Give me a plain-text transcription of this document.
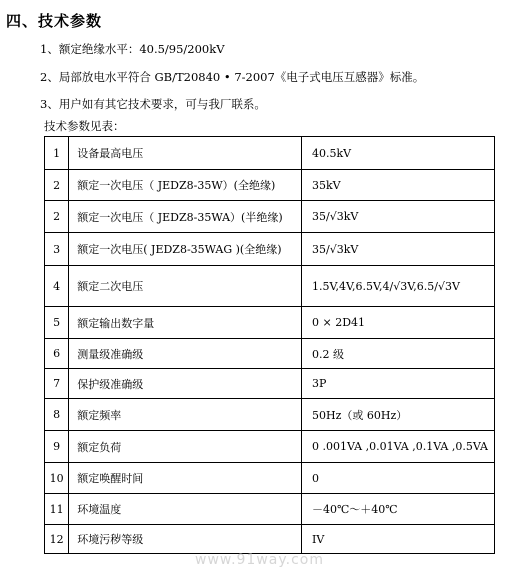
四、技术参数
1、额定绝缘水平：40.5/95/200kV
2、局部放电水平符合 GB/T20840 • 7-2007《电子式电压互感器》标准。
3、用户如有其它技术要求，可与我厂联系。
技术参数见表：
1	设备最高电压	40.5kV
2	额定一次电压（ JEDZ8-35W）(全绝缘)	35kV
2	额定一次电压（ JEDZ8-35WA）(半绝缘)	35/√3kV
3	额定一次电压( JEDZ8-35WAG )(全绝缘)	35/√3kV
4	额定二次电压	1.5V,4V,6.5V,4/√3V,6.5/√3V
5	额定输出数字量	0 × 2D41
6	测量级准确级	0.2 级
7	保护级准确级	3P
8	额定频率	50Hz（或 60Hz）
9	额定负荷	0 .001VA ,0.01VA ,0.1VA ,0.5VA
10	额定唤醒时间	0
11	环境温度	－40℃～＋40℃
12	环境污秽等级	IV
www.91way.com
